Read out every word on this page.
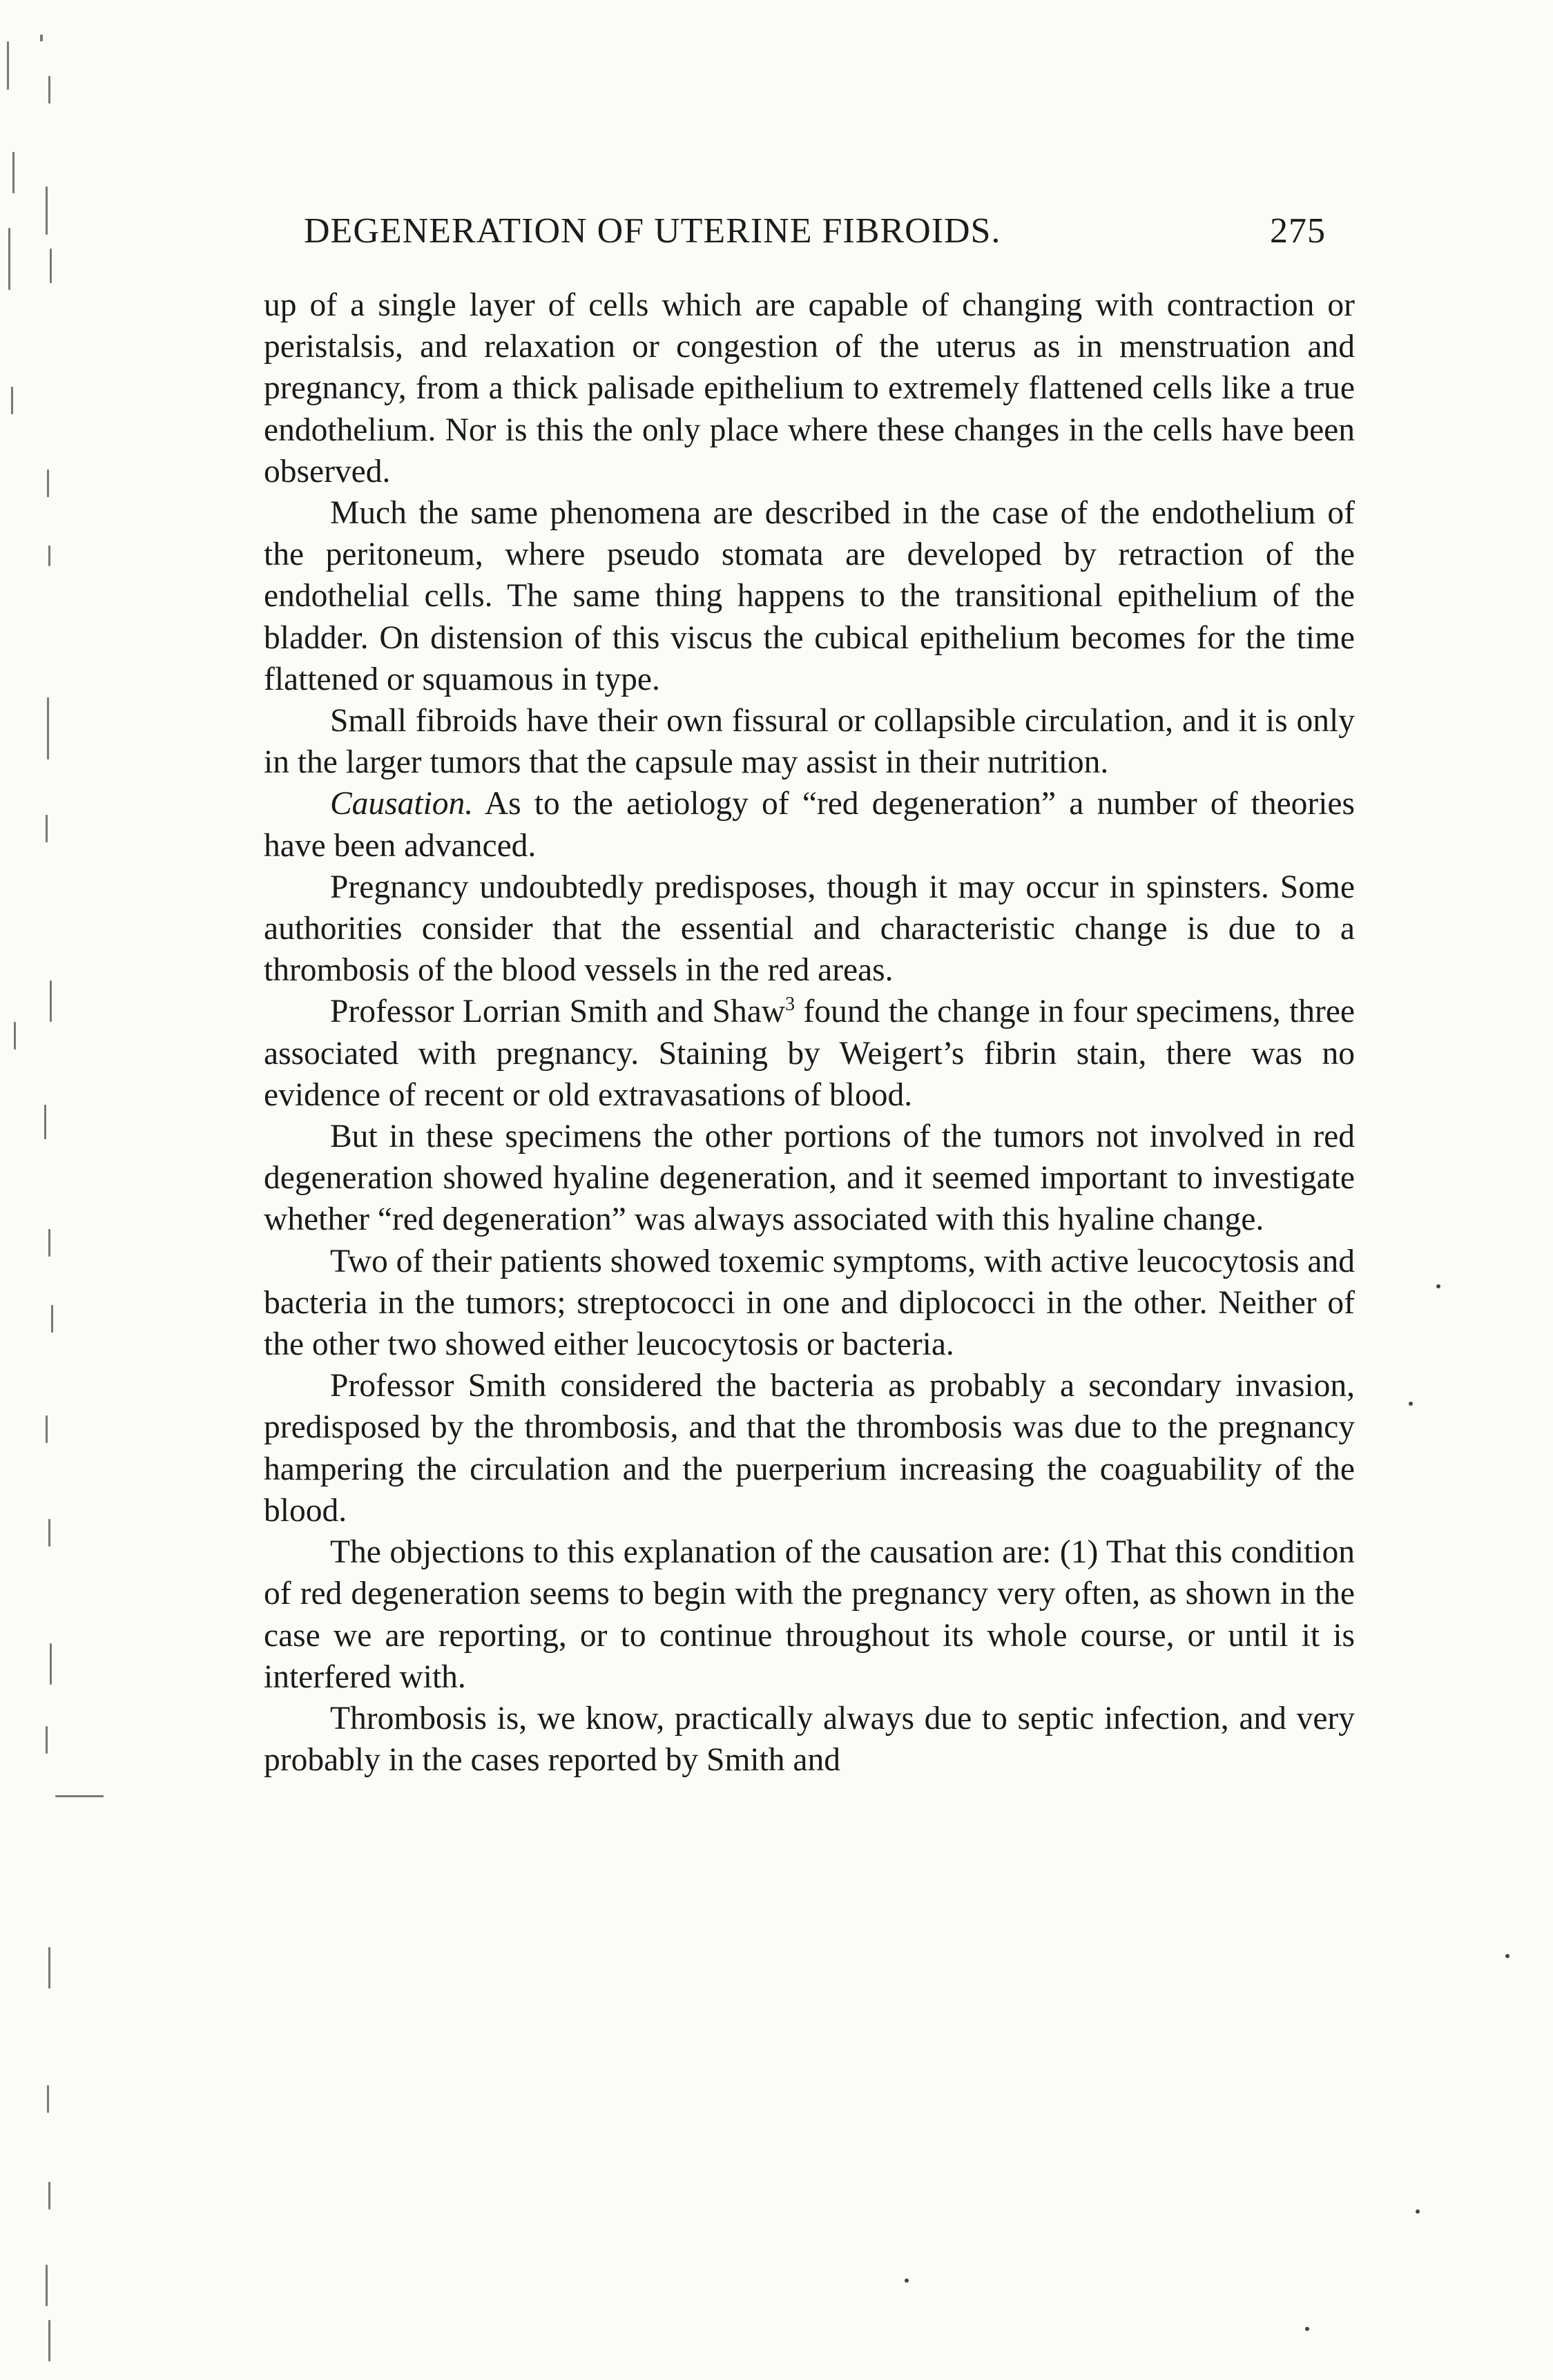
DEGENERATION OF UTERINE FIBROIDS.	275

up of a single layer of cells which are capable of changing with contraction or peristalsis, and relaxation or congestion of the uterus as in menstruation and pregnancy, from a thick palisade epithelium to extremely flattened cells like a true endothelium. Nor is this the only place where these changes in the cells have been observed.

Much the same phenomena are described in the case of the endothelium of the peritoneum, where pseudo stomata are developed by retraction of the endothelial cells. The same thing happens to the transitional epithelium of the bladder. On distension of this viscus the cubical epithelium becomes for the time flattened or squamous in type.

Small fibroids have their own fissural or collapsible circulation, and it is only in the larger tumors that the capsule may assist in their nutrition.

Causation. As to the aetiology of “red degeneration” a number of theories have been advanced.

Pregnancy undoubtedly predisposes, though it may occur in spinsters. Some authorities consider that the essential and characteristic change is due to a thrombosis of the blood vessels in the red areas.

Professor Lorrian Smith and Shaw$^3$ found the change in four specimens, three associated with pregnancy. Staining by Weigert’s fibrin stain, there was no evidence of recent or old extravasations of blood.

But in these specimens the other portions of the tumors not involved in red degeneration showed hyaline degeneration, and it seemed important to investigate whether “red degeneration” was always associated with this hyaline change.

Two of their patients showed toxemic symptoms, with active leucocytosis and bacteria in the tumors; streptococci in one and diplococci in the other. Neither of the other two showed either leucocytosis or bacteria.

Professor Smith considered the bacteria as probably a secondary invasion, predisposed by the thrombosis, and that the thrombosis was due to the pregnancy hampering the circulation and the puerperium increasing the coaguability of the blood.

The objections to this explanation of the causation are: (1) That this condition of red degeneration seems to begin with the pregnancy very often, as shown in the case we are reporting, or to continue throughout its whole course, or until it is interfered with.

Thrombosis is, we know, practically always due to septic infection, and very probably in the cases reported by Smith and
